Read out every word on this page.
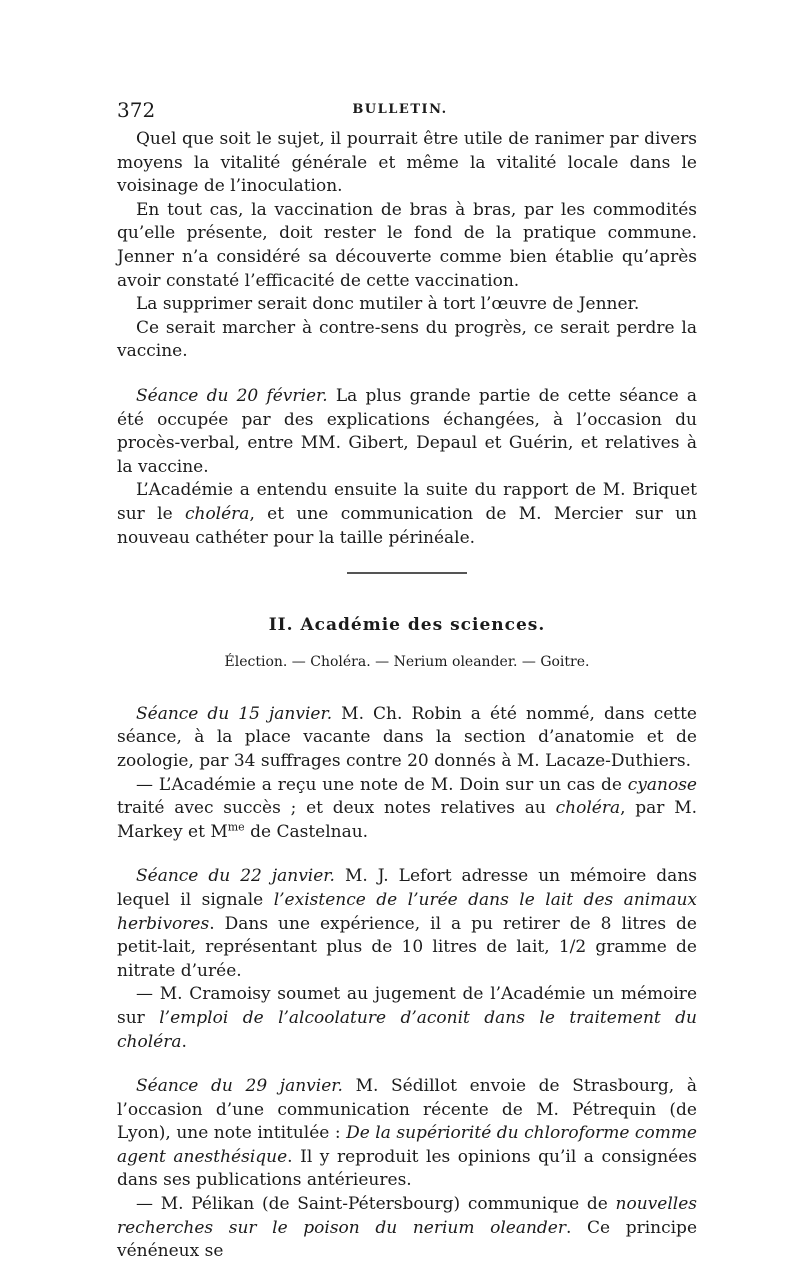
372	BULLETIN.

Quel que soit le sujet, il pourrait être utile de ranimer par divers moyens la vitalité générale et même la vitalité locale dans le voisinage de l’inoculation.

En tout cas, la vaccination de bras à bras, par les commodités qu’elle présente, doit rester le fond de la pratique commune. Jenner n’a considéré sa découverte comme bien établie qu’après avoir constaté l’efficacité de cette vaccination.

La supprimer serait donc mutiler à tort l’œuvre de Jenner.

Ce serait marcher à contre-sens du progrès, ce serait perdre la vaccine.

Séance du 20 février. La plus grande partie de cette séance a été occupée par des explications échangées, à l’occasion du procès-verbal, entre MM. Gibert, Depaul et Guérin, et relatives à la vaccine.

L’Académie a entendu ensuite la suite du rapport de M. Briquet sur le choléra, et une communication de M. Mercier sur un nouveau cathéter pour la taille périnéale.

II. Académie des sciences.
Élection. — Choléra. — Nerium oleander. — Goitre.

Séance du 15 janvier. M. Ch. Robin a été nommé, dans cette séance, à la place vacante dans la section d’anatomie et de zoologie, par 34 suffrages contre 20 donnés à M. Lacaze-Duthiers.

— L’Académie a reçu une note de M. Doin sur un cas de cyanose traité avec succès ; et deux notes relatives au choléra, par M. Markey et $M^{me}$ de Castelnau.

Séance du 22 janvier. M. J. Lefort adresse un mémoire dans lequel il signale l’existence de l’urée dans le lait des animaux herbivores. Dans une expérience, il a pu retirer de 8 litres de petit-lait, représentant plus de 10 litres de lait, 1/2 gramme de nitrate d’urée.

— M. Cramoisy soumet au jugement de l’Académie un mémoire sur l’emploi de l’alcoolature d’aconit dans le traitement du choléra.

Séance du 29 janvier. M. Sédillot envoie de Strasbourg, à l’occasion d’une communication récente de M. Pétrequin (de Lyon), une note intitulée : De la supériorité du chloroforme comme agent anesthésique. Il y reproduit les opinions qu’il a consignées dans ses publications antérieures.

— M. Pélikan (de Saint-Pétersbourg) communique de nouvelles recherches sur le poison du nerium oleander. Ce principe vénéneux se
